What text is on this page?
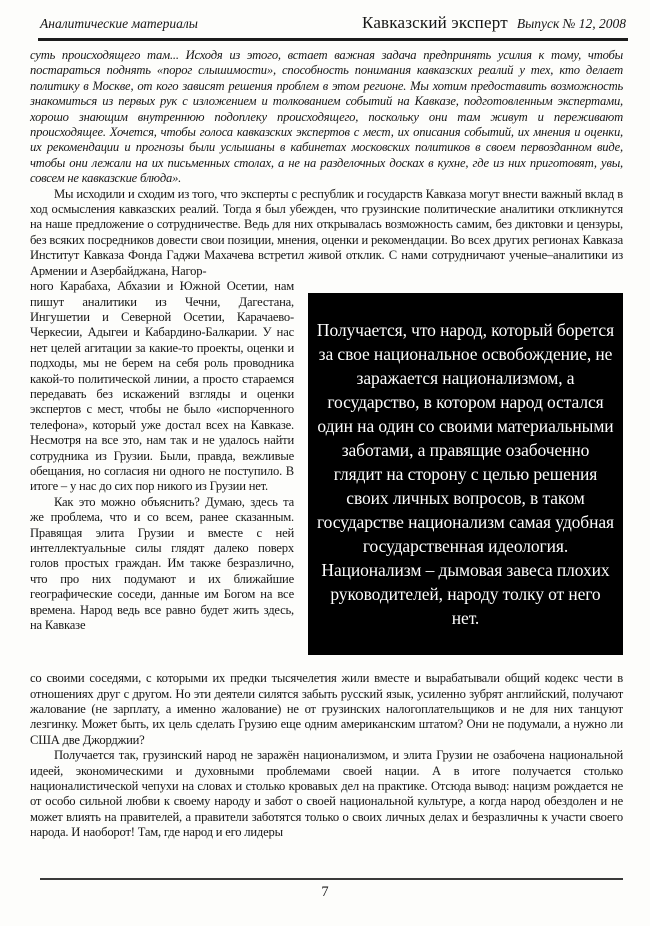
Аналитические материалы	Кавказский эксперт Выпуск № 12, 2008

суть происходящего там... Исходя из этого, встает важная задача предпринять усилия к тому, чтобы постараться поднять «порог слышимости», способность понимания кавказских реалий у тех, кто делает политику в Москве, от кого зависят решения проблем в этом регионе. Мы хотим предоставить возможность знакомиться из первых рук с изложением и толкованием событий на Кавказе, подготовленным экспертами, хорошо знающим внутреннюю подоплеку происходящего, поскольку они там живут и переживают происходящее. Хочется, чтобы голоса кавказских экспертов с мест, их описания событий, их мнения и оценки, их рекомендации и прогнозы были услышаны в кабинетах московских политиков в своем первозданном виде, чтобы они лежали на их письменных столах, а не на разделочных досках в кухне, где из них приготовят, увы, совсем не кавказские блюда».

Мы исходили и сходим из того, что эксперты с республик и государств Кавказа могут внести важный вклад в ход осмысления кавказских реалий. Тогда я был убежден, что грузинские политические аналитики откликнутся на наше предложение о сотрудничестве. Ведь для них открывалась возможность самим, без диктовки и цензуры, без всяких посредников довести свои позиции, мнения, оценки и рекомендации. Во всех других регионах Кавказа Институт Кавказа Фонда Гаджи Махачева встретил живой отклик. С нами сотрудничают ученые–аналитики из Армении и Азербайджана, Нагор-

ного Карабаха, Абхазии и Южной Осетии, нам пишут аналитики из Чечни, Дагестана, Ингушетии и Северной Осетии, Карачаево-Черкесии, Адыгеи и Кабардино-Балкарии. У нас нет целей агитации за какие-то проекты, оценки и подходы, мы не берем на себя роль проводника какой-то политической линии, а просто стараемся передавать без искажений взгляды и оценки экспертов с мест, чтобы не было «испорченного телефона», который уже достал всех на Кавказе. Несмотря на все это, нам так и не удалось найти сотрудника из Грузии. Были, правда, вежливые обещания, но согласия ни одного не поступило. В итоге – у нас до сих пор никого из Грузии нет.

Как это можно объяснить? Думаю, здесь та же проблема, что и со всем, ранее сказанным. Правящая элита Грузии и вместе с ней интеллектуальные силы глядят далеко поверх голов простых граждан. Им также безразлично, что про них подумают и их ближайшие географические соседи, данные им Богом на все времена. Народ ведь все равно будет жить здесь, на Кавказе

Получается, что народ, который борется за свое национальное освобождение, не заражается национализмом, а государство, в котором народ остался один на один со своими материальными заботами, а правящие озабоченно глядит на сторону с целью решения своих личных вопросов, в таком государстве национализм самая удобная государственная идеология. Национализм – дымовая завеса плохих руководителей, народу толку от него нет.

со своими соседями, с которыми их предки тысячелетия жили вместе и вырабатывали общий кодекс чести в отношениях друг с другом. Но эти деятели силятся забыть русский язык, усиленно зубрят английский, получают жалование (не зарплату, а именно жалование) не от грузинских налогоплательщиков и не для них танцуют лезгинку. Может быть, их цель сделать Грузию еще одним американским штатом? Они не подумали, а нужно ли США две Джорджии?

Получается так, грузинский народ не заражён национализмом, и элита Грузии не озабочена национальной идеей, экономическими и духовными проблемами своей нации. А в итоге получается столько националистической чепухи на словах и столько кровавых дел на практике. Отсюда вывод: нацизм рождается не от особо сильной любви к своему народу и забот о своей национальной культуре, а когда народ обездолен и не может влиять на правителей, а правители заботятся только о своих личных делах и безразличны к участи своего народа. И наоборот! Там, где народ и его лидеры

7
